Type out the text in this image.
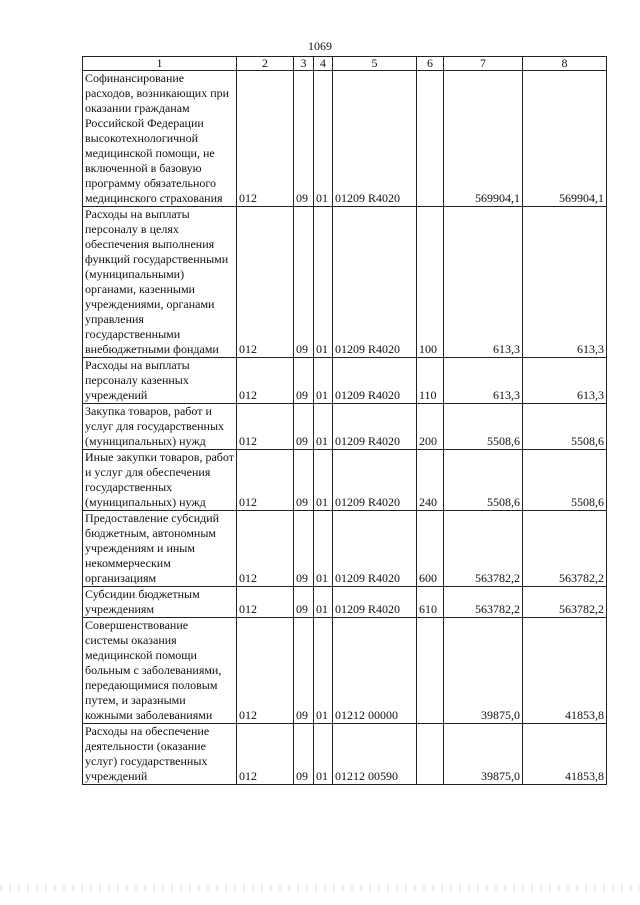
1069
1	2	3	4	5	6	7	8
Софинансирование расходов, возникающих при оказании гражданам Российской Федерации высокотехнологичной медицинской помощи, не включенной в базовую программу обязательного медицинского страхования	012	09	01	01209 R4020		569904,1	569904,1
Расходы на выплаты персоналу в целях обеспечения выполнения функций государственными (муниципальными) органами, казенными учреждениями, органами управления государственными внебюджетными фондами	012	09	01	01209 R4020	100	613,3	613,3
Расходы на выплаты персоналу казенных учреждений	012	09	01	01209 R4020	110	613,3	613,3
Закупка товаров, работ и услуг для государственных (муниципальных) нужд	012	09	01	01209 R4020	200	5508,6	5508,6
Иные закупки товаров, работ и услуг для обеспечения государственных (муниципальных) нужд	012	09	01	01209 R4020	240	5508,6	5508,6
Предоставление субсидий бюджетным, автономным учреждениям и иным некоммерческим организациям	012	09	01	01209 R4020	600	563782,2	563782,2
Субсидии бюджетным учреждениям	012	09	01	01209 R4020	610	563782,2	563782,2
Совершенствование системы оказания медицинской помощи больным с заболеваниями, передающимися половым путем, и заразными кожными заболеваниями	012	09	01	01212 00000		39875,0	41853,8
Расходы на обеспечение деятельности (оказание услуг) государственных учреждений	012	09	01	01212 00590		39875,0	41853,8
